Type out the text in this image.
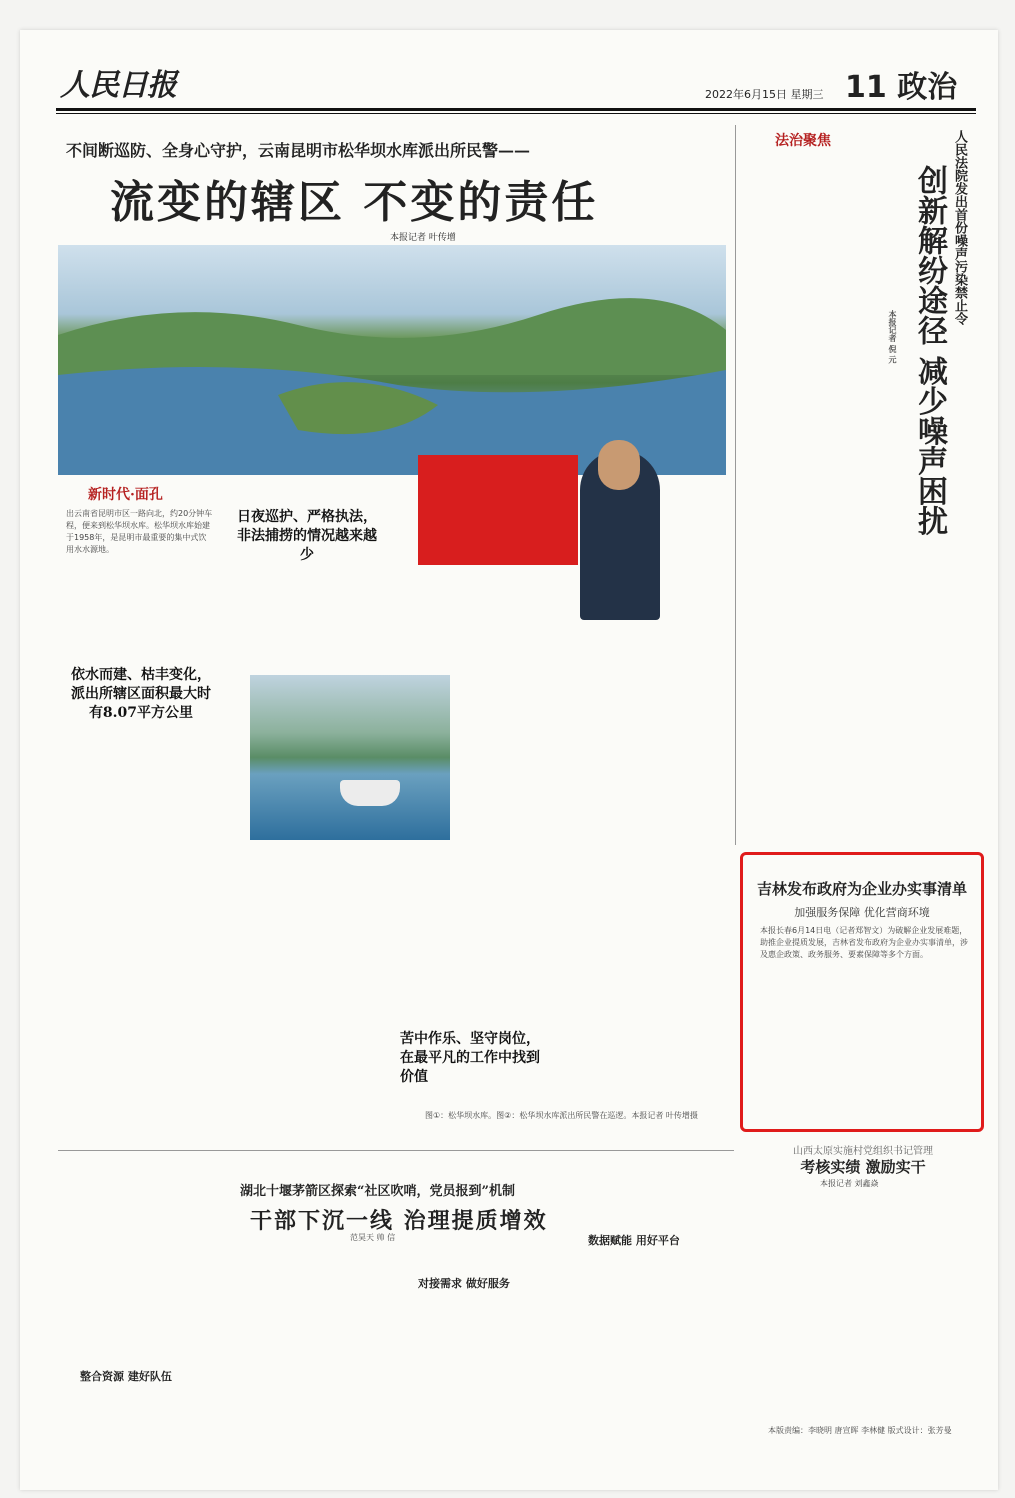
人民日报	2022年6月15日 星期三 11 政治
不间断巡防、全身心守护，云南昆明市松华坝水库派出所民警——
流变的辖区 不变的责任
本报记者 叶传增
新时代·面孔
出云南省昆明市区一路向北，约20分钟车程，便来到松华坝水库。松华坝水库始建于1958年，是昆明市最重要的集中式饮用水水源地。
日夜巡护、严格执法，非法捕捞的情况越来越少
依水而建、枯丰变化，派出所辖区面积最大时有8.07平方公里
苦中作乐、坚守岗位，在最平凡的工作中找到价值
图①：松华坝水库。图②：松华坝水库派出所民警在巡逻。本报记者 叶传增摄
法治聚焦
创新解纷途径 减少噪声困扰 人民法院发出首份噪声污染禁止令
本报记者 倪 元
吉林发布政府为企业办实事清单
加强服务保障 优化营商环境
本报长春6月14日电（记者郑智文）为破解企业发展难题，助推企业提质发展，吉林省发布政府为企业办实事清单，涉及惠企政策、政务服务、要素保障等多个方面。
山西太原实施村党组织书记管理
考核实绩 激励实干
本报记者 刘鑫焱
湖北十堰茅箭区探索“社区吹哨，党员报到”机制
干部下沉一线 治理提质增效
范昊天 帅 信
整合资源 建好队伍
对接需求 做好服务
数据赋能 用好平台
本版责编：李晓明 唐宣晖 李林健 版式设计：张芳曼
